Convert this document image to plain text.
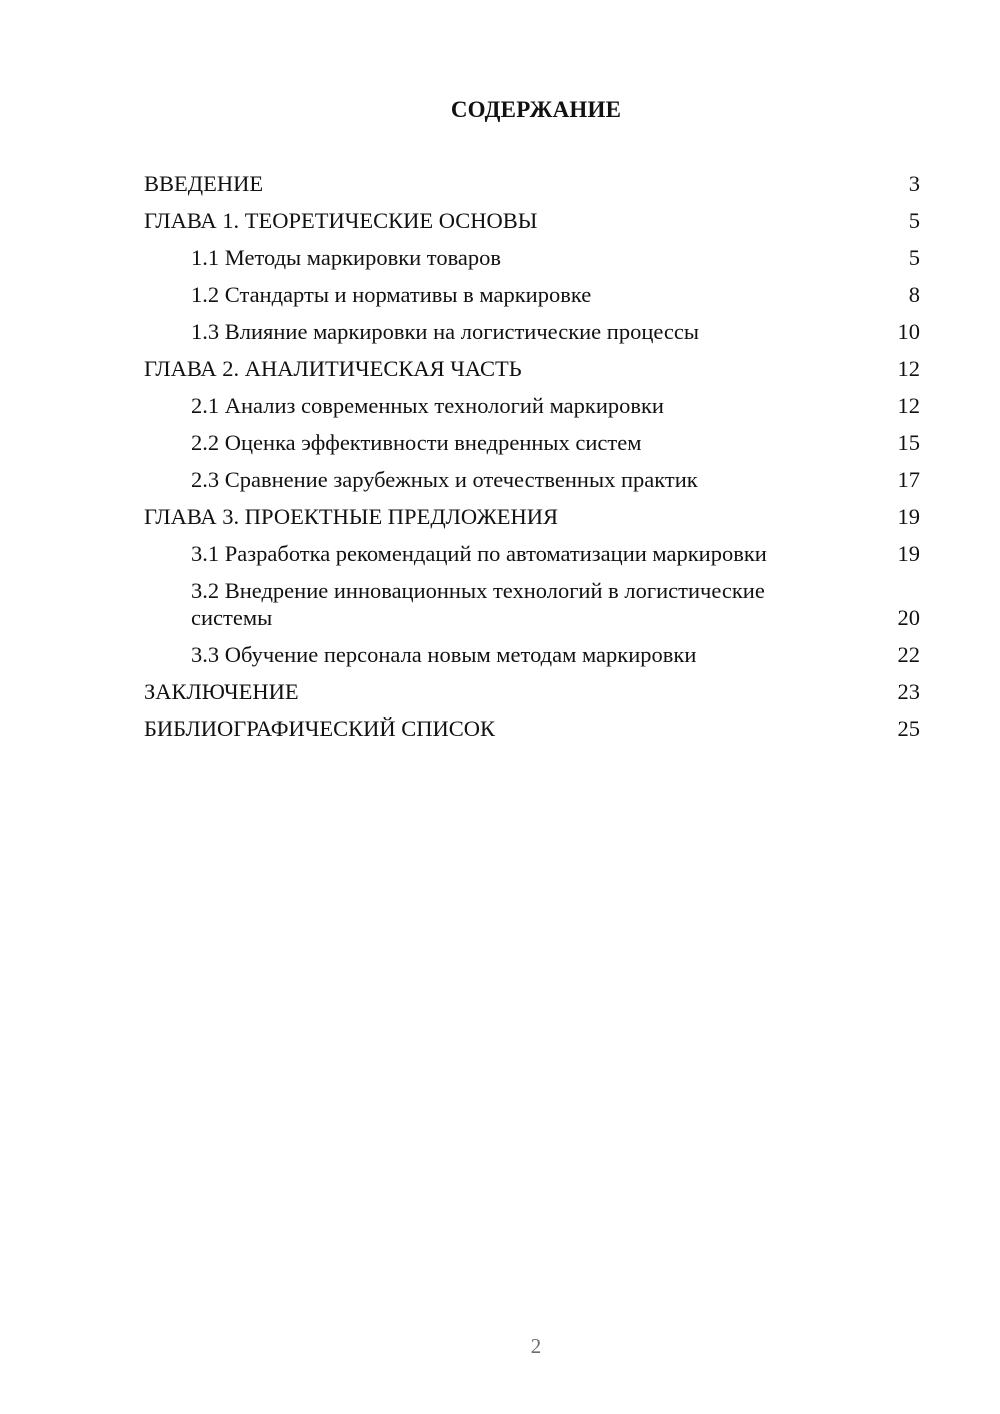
СОДЕРЖАНИЕ
ВВЕДЕНИЕ	3
ГЛАВА 1. ТЕОРЕТИЧЕСКИЕ ОСНОВЫ	5
1.1 Методы маркировки товаров	5
1.2 Стандарты и нормативы в маркировке	8
1.3 Влияние маркировки на логистические процессы	10
ГЛАВА 2. АНАЛИТИЧЕСКАЯ ЧАСТЬ	12
2.1 Анализ современных технологий маркировки	12
2.2 Оценка эффективности внедренных систем	15
2.3 Сравнение зарубежных и отечественных практик	17
ГЛАВА 3. ПРОЕКТНЫЕ ПРЕДЛОЖЕНИЯ	19
3.1 Разработка рекомендаций по автоматизации маркировки	19
3.2 Внедрение инновационных технологий в логистические системы	20
3.3 Обучение персонала новым методам маркировки	22
ЗАКЛЮЧЕНИЕ	23
БИБЛИОГРАФИЧЕСКИЙ СПИСОК	25
2
